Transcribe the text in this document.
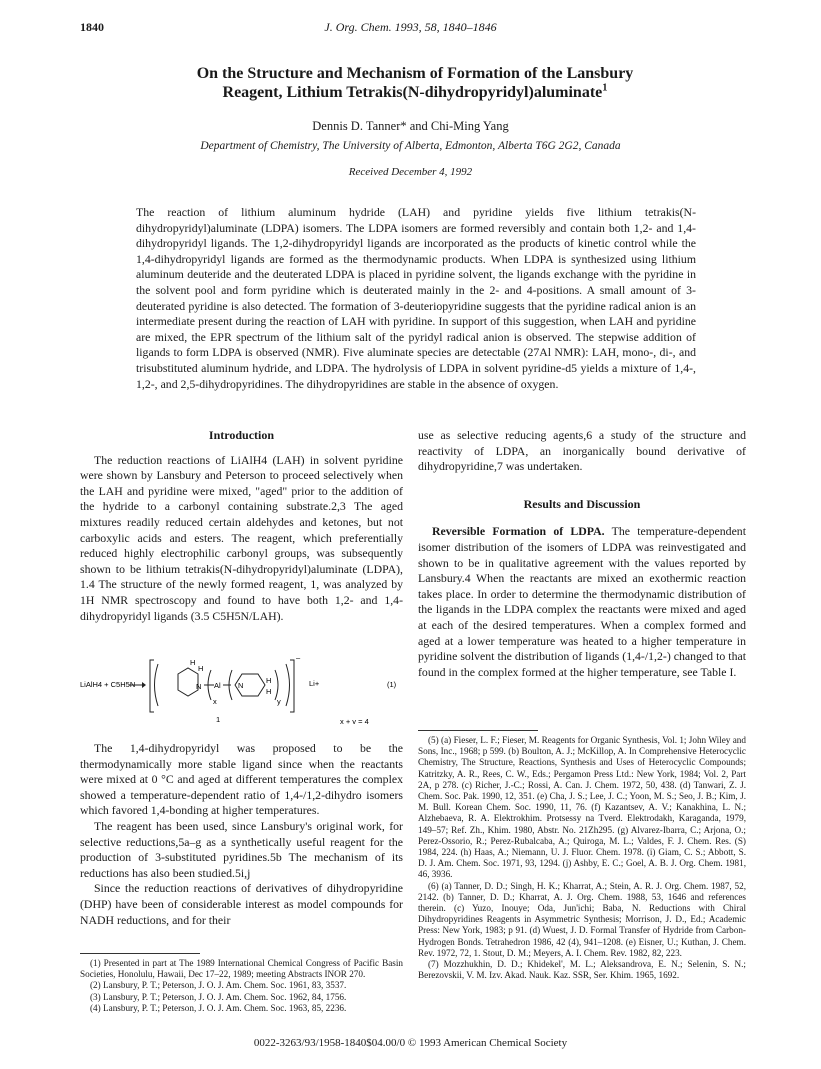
1840	J. Org. Chem. 1993, 58, 1840–1846
On the Structure and Mechanism of Formation of the Lansbury
Reagent, Lithium Tetrakis(N-dihydropyridyl)aluminate$^1$
Dennis D. Tanner* and Chi-Ming Yang
Department of Chemistry, The University of Alberta, Edmonton, Alberta T6G 2G2, Canada
Received December 4, 1992
The reaction of lithium aluminum hydride (LAH) and pyridine yields five lithium tetrakis(N-dihydropyridyl)aluminate (LDPA) isomers. The LDPA isomers are formed reversibly and contain both 1,2- and 1,4-dihydropyridyl ligands. The 1,2-dihydropyridyl ligands are incorporated as the products of kinetic control while the 1,4-dihydropyridyl ligands are formed as the thermodynamic products. When LDPA is synthesized using lithium aluminum deuteride and the deuterated LDPA is placed in pyridine solvent, the ligands exchange with the pyridine in the solvent pool and form pyridine which is deuterated mainly in the 2- and 4-positions. A small amount of 3-deuterated pyridine is also detected. The formation of 3-deuteriopyridine suggests that the pyridine radical anion is an intermediate present during the reaction of LAH with pyridine. In support of this suggestion, when LAH and pyridine are mixed, the EPR spectrum of the lithium salt of the pyridyl radical anion is observed. The stepwise addition of ligands to form LDPA is observed (NMR). Five aluminate species are detectable (27Al NMR): LAH, mono-, di-, and trisubstituted aluminum hydride, and LDPA. The hydrolysis of LDPA in solvent pyridine-d5 yields a mixture of 1,4-, 1,2-, and 2,5-dihydropyridines. The dihydropyridines are stable in the absence of oxygen.
Introduction

The reduction reactions of LiAlH4 (LAH) in solvent pyridine were shown by Lansbury and Peterson to proceed selectively when the LAH and pyridine were mixed, "aged" prior to the addition of the hydride to a carbonyl containing substrate.2,3 The aged mixtures readily reduced certain aldehydes and ketones, but not carboxylic acids and esters. The reagent, which preferentially reduced highly electrophilic carbonyl groups, was subsequently shown to be lithium tetrakis(N-dihydropyridyl)aluminate (LDPA), 1.4 The structure of the newly formed reagent, 1, was analyzed by 1H NMR spectroscopy and found to have both 1,2- and 1,4-dihydropyridyl ligands (3.5 C5H5N/LAH).

LiAlH4 + C5H5N
H
H
N Al
x
N
H
H
y
–
Li+	(1)
1	x + y = 4

The 1,4-dihydropyridyl was proposed to be the thermodynamically more stable ligand since when the reactants were mixed at 0 °C and aged at different temperatures the complex showed a temperature-dependent ratio of 1,4-/1,2-dihydro isomers which favored 1,4-bonding at higher temperatures.

The reagent has been used, since Lansbury's original work, for selective reductions,5a–g as a synthetically useful reagent for the production of 3-substituted pyridines.5b The mechanism of its reductions has also been studied.5i,j

Since the reduction reactions of derivatives of dihydropyridine (DHP) have been of considerable interest as model compounds for NADH reductions, and for their

(1) Presented in part at The 1989 International Chemical Congress of Pacific Basin Societies, Honolulu, Hawaii, Dec 17–22, 1989; meeting Abstracts INOR 270.

(2) Lansbury, P. T.; Peterson, J. O. J. Am. Chem. Soc. 1961, 83, 3537.

(3) Lansbury, P. T.; Peterson, J. O. J. Am. Chem. Soc. 1962, 84, 1756.

(4) Lansbury, P. T.; Peterson, J. O. J. Am. Chem. Soc. 1963, 85, 2236.

use as selective reducing agents,6 a study of the structure and reactivity of LDPA, an inorganically bound derivative of dihydropyridine,7 was undertaken.

Results and Discussion

Reversible Formation of LDPA. The temperature-dependent isomer distribution of the isomers of LDPA was reinvestigated and shown to be in qualitative agreement with the values reported by Lansbury.4 When the reactants are mixed an exothermic reaction takes place. In order to determine the thermodynamic distribution of the ligands in the LDPA complex the reactants were mixed and aged at each of the desired temperatures. When a complex formed and aged at a lower temperature was heated to a higher temperature in pyridine solvent the distribution of ligands (1,4-/1,2-) changed to that found in the complex formed at the higher temperature, see Table I.

(5) (a) Fieser, L. F.; Fieser, M. Reagents for Organic Synthesis, Vol. 1; John Wiley and Sons, Inc., 1968; p 599. (b) Boulton, A. J.; McKillop, A. In Comprehensive Heterocyclic Chemistry, The Structure, Reactions, Synthesis and Uses of Heterocyclic Compounds; Katritzky, A. R., Rees, C. W., Eds.; Pergamon Press Ltd.: New York, 1984; Vol. 2, Part 2A, p 278. (c) Richer, J.-C.; Rossi, A. Can. J. Chem. 1972, 50, 438. (d) Tanwari, Z. J. Chem. Soc. Pak. 1990, 12, 351. (e) Cha, J. S.; Lee, J. C.; Yoon, M. S.; Seo, J. B.; Kim, J. M. Bull. Korean Chem. Soc. 1990, 11, 76. (f) Kazantsev, A. V.; Kanakhina, L. N.; Alzhebaeva, R. A. Elektrokhim. Protsessy na Tverd. Elektrodakh, Karaganda, 1979, 149–57; Ref. Zh., Khim. 1980, Abstr. No. 21Zh295. (g) Alvarez-Ibarra, C.; Arjona, O.; Perez-Ossorio, R.; Perez-Rubalcaba, A.; Quiroga, M. L.; Valdes, F. J. Chem. Res. (S) 1984, 224. (h) Haas, A.; Niemann, U. J. Fluor. Chem. 1978. (i) Giam, C. S.; Abbott, S. D. J. Am. Chem. Soc. 1971, 93, 1294. (j) Ashby, E. C.; Goel, A. B. J. Org. Chem. 1981, 46, 3936.

(6) (a) Tanner, D. D.; Singh, H. K.; Kharrat, A.; Stein, A. R. J. Org. Chem. 1987, 52, 2142. (b) Tanner, D. D.; Kharrat, A. J. Org. Chem. 1988, 53, 1646 and references therein. (c) Yuzo, Inouye; Oda, Jun'ichi; Baba, N. Reductions with Chiral Dihydropyridines Reagents in Asymmetric Synthesis; Morrison, J. D., Ed.; Academic Press: New York, 1983; p 91. (d) Wuest, J. D. Formal Transfer of Hydride from Carbon-Hydrogen Bonds. Tetrahedron 1986, 42 (4), 941–1208. (e) Eisner, U.; Kuthan, J. Chem. Rev. 1972, 72, 1. Stout, D. M.; Meyers, A. I. Chem. Rev. 1982, 82, 223.

(7) Mozzhukhin, D. D.; Khidekel', M. L.; Aleksandrova, E. N.; Selenin, S. N.; Berezovskii, V. M. Izv. Akad. Nauk. Kaz. SSR, Ser. Khim. 1965, 1692.

0022-3263/93/1958-1840$04.00/0 © 1993 American Chemical Society
